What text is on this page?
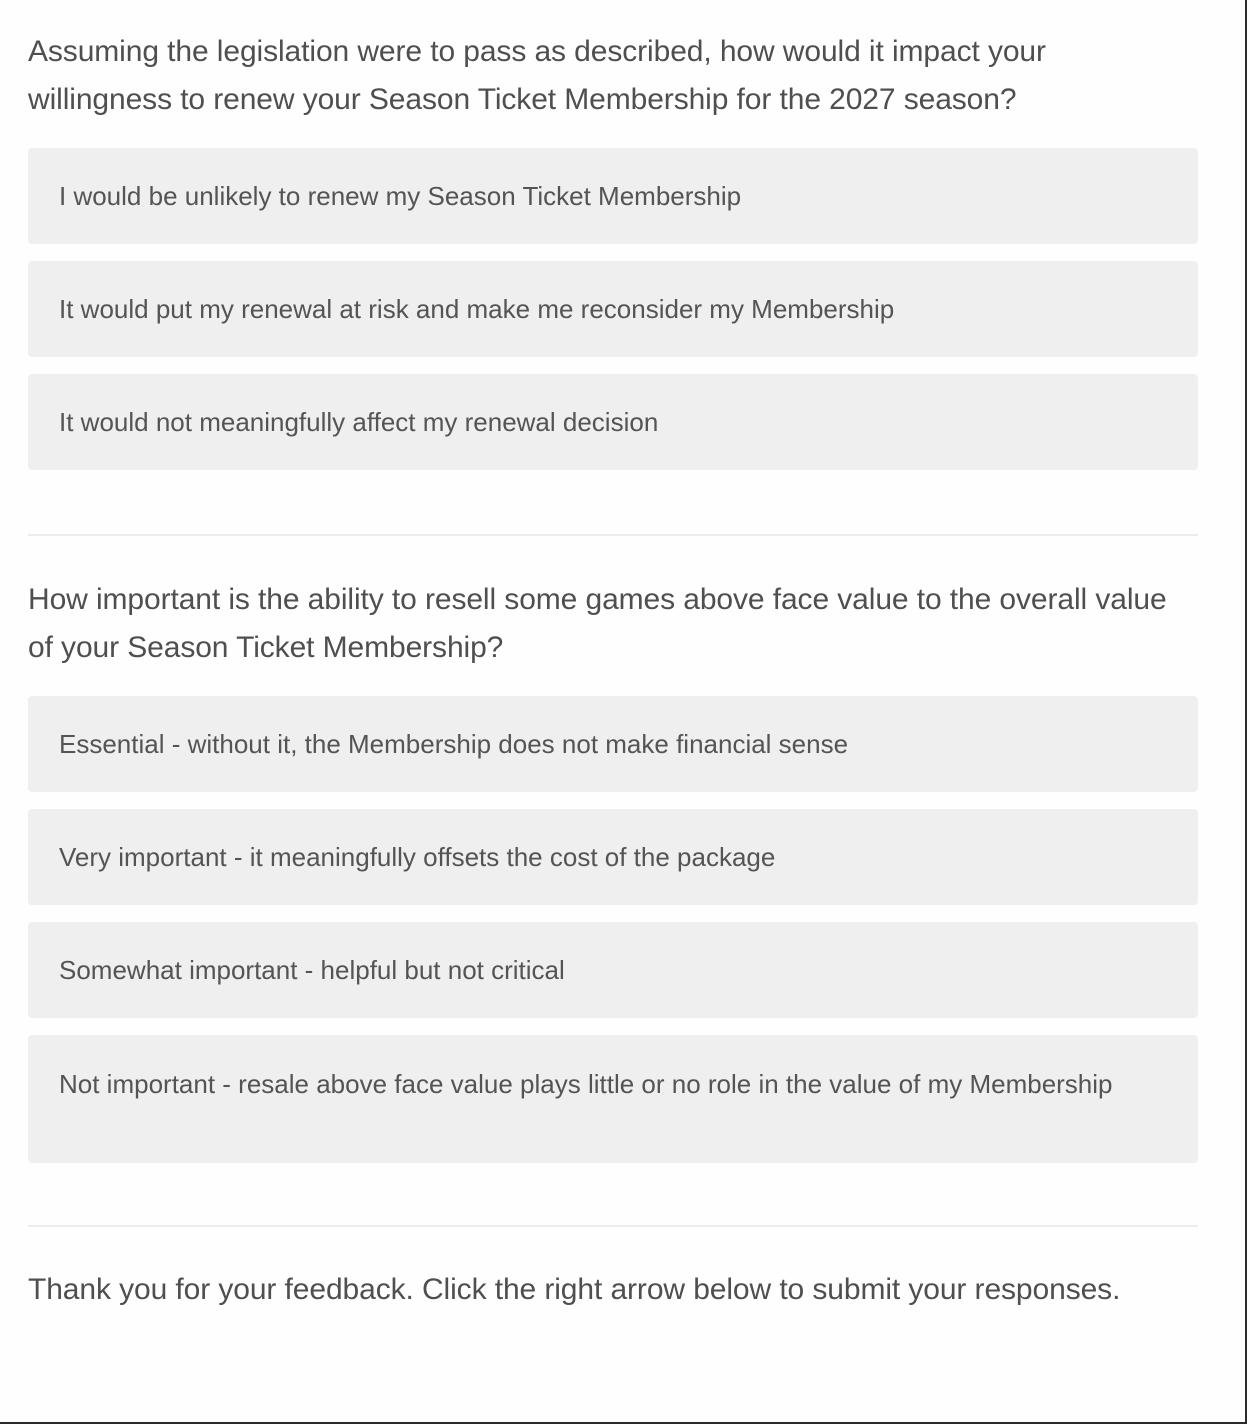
Assuming the legislation were to pass as described, how would it impact your willingness to renew your Season Ticket Membership for the 2027 season?

I would be unlikely to renew my Season Ticket Membership
It would put my renewal at risk and make me reconsider my Membership
It would not meaningfully affect my renewal decision

How important is the ability to resell some games above face value to the overall value of your Season Ticket Membership?

Essential - without it, the Membership does not make financial sense
Very important - it meaningfully offsets the cost of the package
Somewhat important - helpful but not critical
Not important - resale above face value plays little or no role in the value of my Membership

Thank you for your feedback. Click the right arrow below to submit your responses.
